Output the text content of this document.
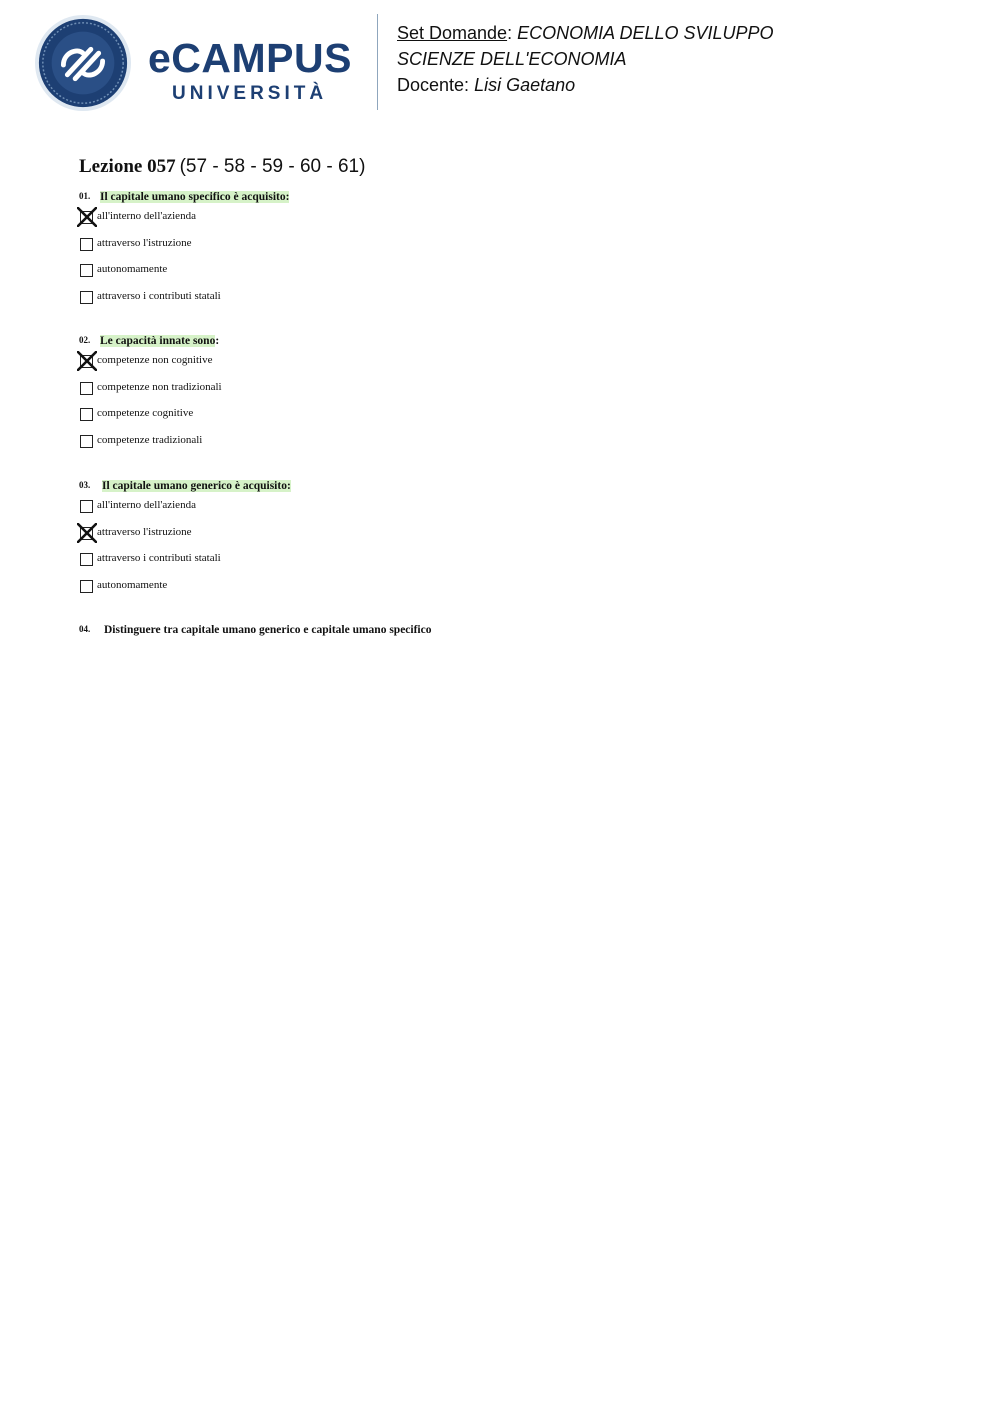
eCAMPUS
UNIVERSITÀ
Set Domande: ECONOMIA DELLO SVILUPPO
SCIENZE DELL'ECONOMIA
Docente: Lisi Gaetano
Lezione 057 (57 - 58 - 59 - 60 - 61)
01. Il capitale umano specifico è acquisito:
all'interno dell'azienda
attraverso l'istruzione
autonomamente
attraverso i contributi statali
02. Le capacità innate sono:
competenze non cognitive
competenze non tradizionali
competenze cognitive
competenze tradizionali
03. Il capitale umano generico è acquisito:
all'interno dell'azienda
attraverso l'istruzione
attraverso i contributi statali
autonomamente
04. Distinguere tra capitale umano generico e capitale umano specifico
